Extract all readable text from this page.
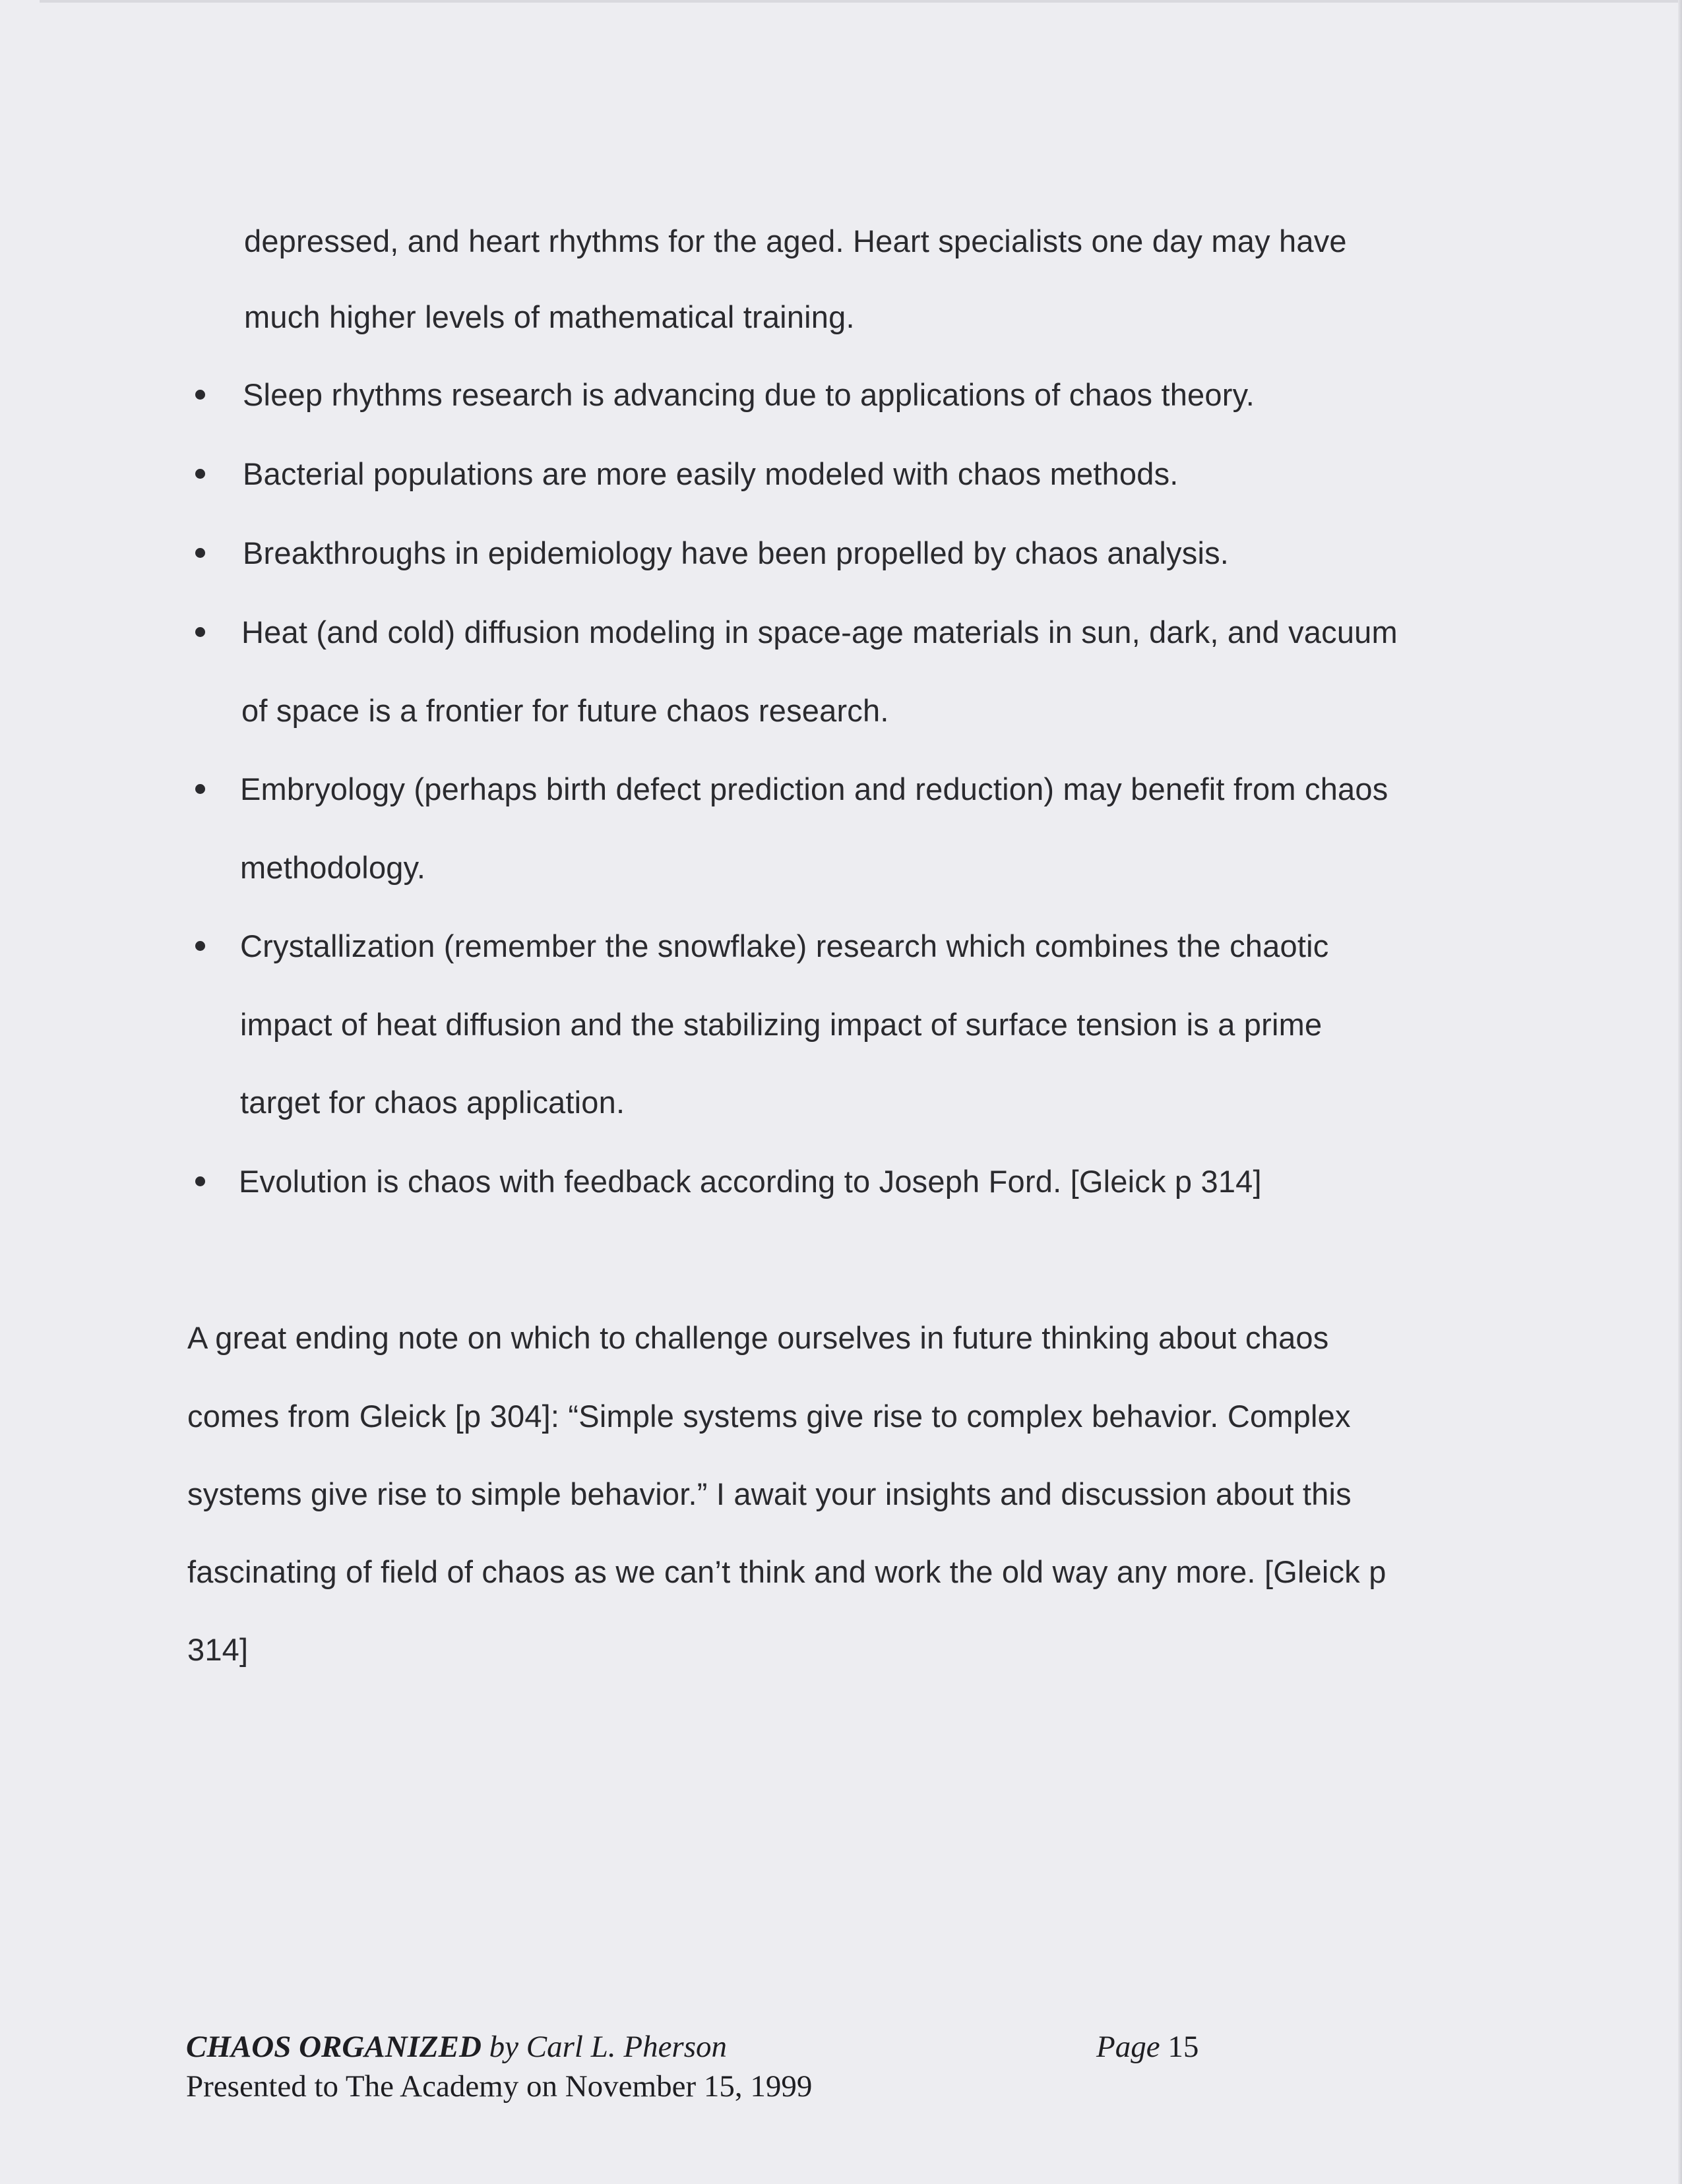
depressed, and heart rhythms for the aged. Heart specialists one day may have
much higher levels of mathematical training.
Sleep rhythms research is advancing due to applications of chaos theory.
Bacterial populations are more easily modeled with chaos methods.
Breakthroughs in epidemiology have been propelled by chaos analysis.
Heat (and cold) diffusion modeling in space-age materials in sun, dark, and vacuum
of space is a frontier for future chaos research.
Embryology (perhaps birth defect prediction and reduction) may benefit from chaos
methodology.
Crystallization (remember the snowflake) research which combines the chaotic
impact of heat diffusion and the stabilizing impact of surface tension is a prime
target for chaos application.
Evolution is chaos with feedback according to Joseph Ford. [Gleick p 314]
A great ending note on which to challenge ourselves in future thinking about chaos
comes from Gleick [p 304]: “Simple systems give rise to complex behavior. Complex
systems give rise to simple behavior.” I await your insights and discussion about this
fascinating of field of chaos as we can’t think and work the old way any more. [Gleick p
314]
CHAOS ORGANIZED by Carl L. Pherson
Presented to The Academy on November 15, 1999
Page 15
